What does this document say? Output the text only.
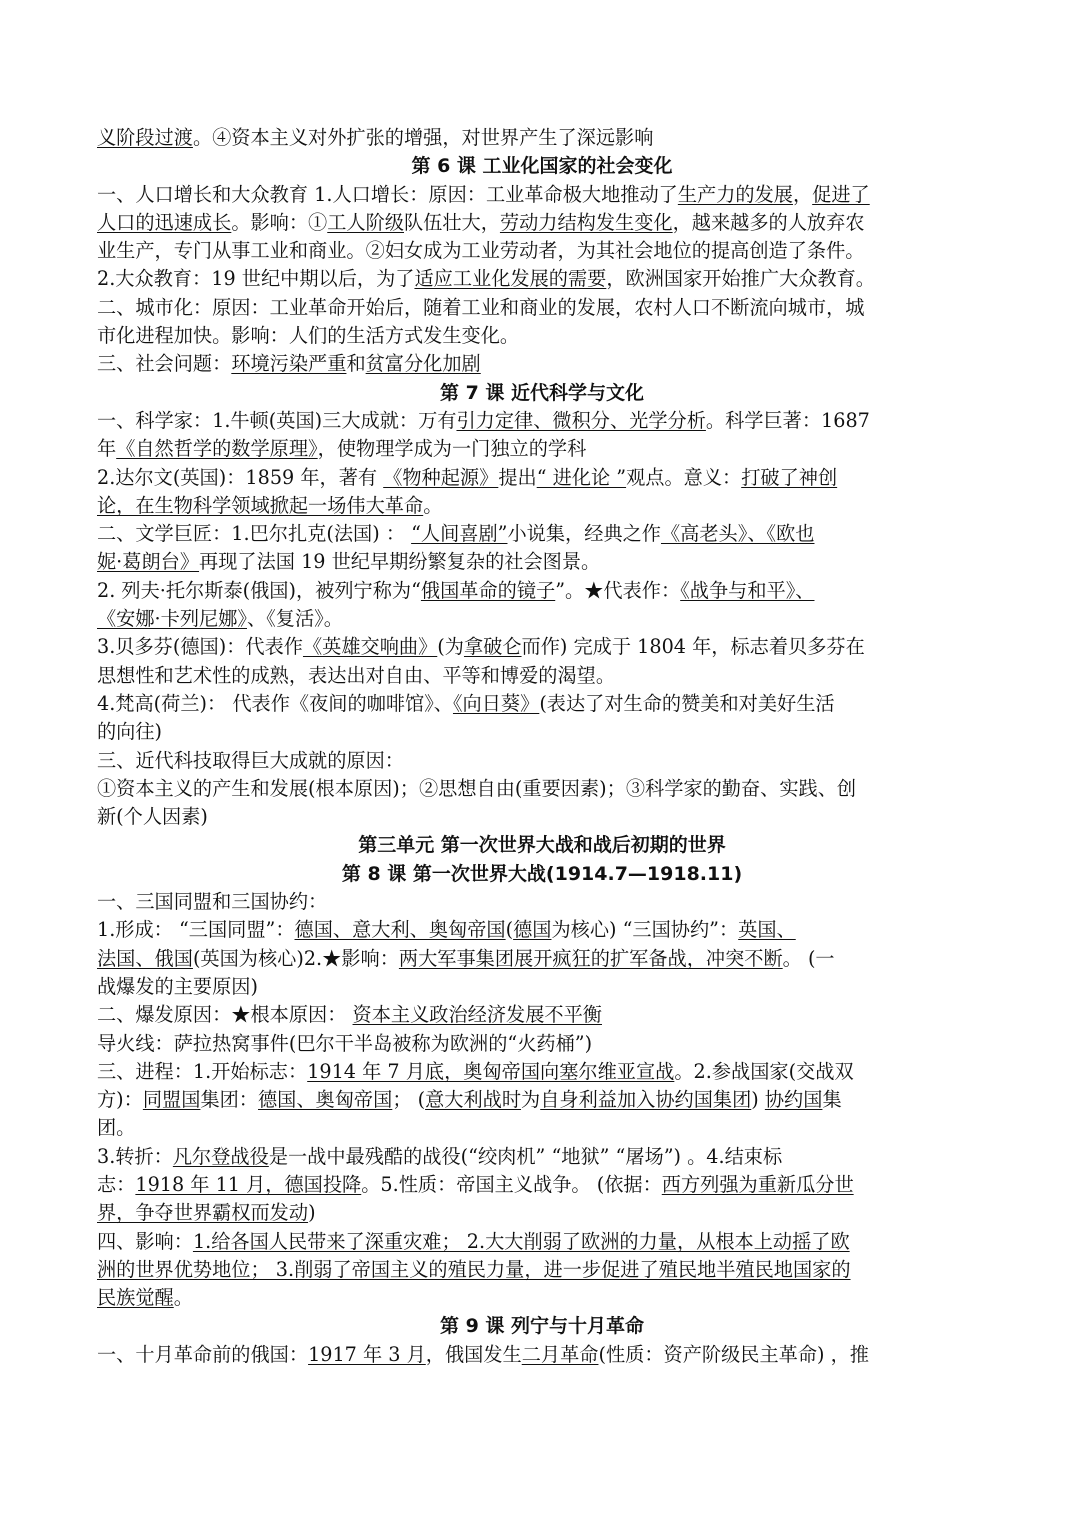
义阶段过渡。④资本主义对外扩张的增强，对世界产生了深远影响
第 6 课 工业化国家的社会变化
一、人口增长和大众教育 1.人口增长：原因：工业革命极大地推动了生产力的发展，促进了
人口的迅速成长。影响：①工人阶级队伍壮大，劳动力结构发生变化，越来越多的人放弃农
业生产，专门从事工业和商业。②妇女成为工业劳动者，为其社会地位的提高创造了条件。
2.大众教育：19 世纪中期以后，为了适应工业化发展的需要，欧洲国家开始推广大众教育。
二、城市化：原因：工业革命开始后，随着工业和商业的发展，农村人口不断流向城市，城
市化进程加快。影响：人们的生活方式发生变化。
三、社会问题：环境污染严重和贫富分化加剧
第 7 课 近代科学与文化
一、科学家：1.牛顿(英国)三大成就：万有引力定律、微积分、光学分析。科学巨著：1687
年《自然哲学的数学原理》，使物理学成为一门独立的学科
2.达尔文(英国)：1859 年，著有 《物种起源》提出“ 进化论 ”观点。意义：打破了神创
论，在生物科学领域掀起一场伟大革命。
二、文学巨匠：1.巴尔扎克(法国) ： “人间喜剧”小说集，经典之作《高老头》、《欧也
妮·葛朗台》再现了法国 19 世纪早期纷繁复杂的社会图景。
2. 列夫·托尔斯泰(俄国)，被列宁称为“俄国革命的镜子”。★代表作：《战争与和平》、
《安娜·卡列尼娜》、《复活》。
3.贝多芬(德国)：代表作《英雄交响曲》(为拿破仑而作) 完成于 1804 年，标志着贝多芬在
思想性和艺术性的成熟，表达出对自由、平等和博爱的渴望。
4.梵高(荷兰)： 代表作《夜间的咖啡馆》、《向日葵》(表达了对生命的赞美和对美好生活
的向往)
三、近代科技取得巨大成就的原因：
①资本主义的产生和发展(根本原因)；②思想自由(重要因素)；③科学家的勤奋、实践、创
新(个人因素)
第三单元 第一次世界大战和战后初期的世界
第 8 课 第一次世界大战(1914.7—1918.11)
一、三国同盟和三国协约：
1.形成： “三国同盟”：德国、意大利、奥匈帝国(德国为核心) “三国协约”：英国、
法国、俄国(英国为核心)2.★影响：两大军事集团展开疯狂的扩军备战，冲突不断。 (一
战爆发的主要原因)
二、爆发原因：★根本原因： 资本主义政治经济发展不平衡
导火线：萨拉热窝事件(巴尔干半岛被称为欧洲的“火药桶”)
三、进程：1.开始标志：1914 年 7 月底，奥匈帝国向塞尔维亚宣战。2.参战国家(交战双
方)：同盟国集团：德国、奥匈帝国； (意大利战时为自身利益加入协约国集团) 协约国集
团。
3.转折：凡尔登战役是一战中最残酷的战役(“绞肉机” “地狱” “屠场”) 。4.结束标
志：1918 年 11 月，德国投降。5.性质：帝国主义战争。 (依据：西方列强为重新瓜分世
界，争夺世界霸权而发动)
四、影响：1.给各国人民带来了深重灾难； 2.大大削弱了欧洲的力量，从根本上动摇了欧
洲的世界优势地位； 3.削弱了帝国主义的殖民力量，进一步促进了殖民地半殖民地国家的
民族觉醒。
第 9 课 列宁与十月革命
一、十月革命前的俄国：1917 年 3 月，俄国发生二月革命(性质：资产阶级民主革命) ，推
